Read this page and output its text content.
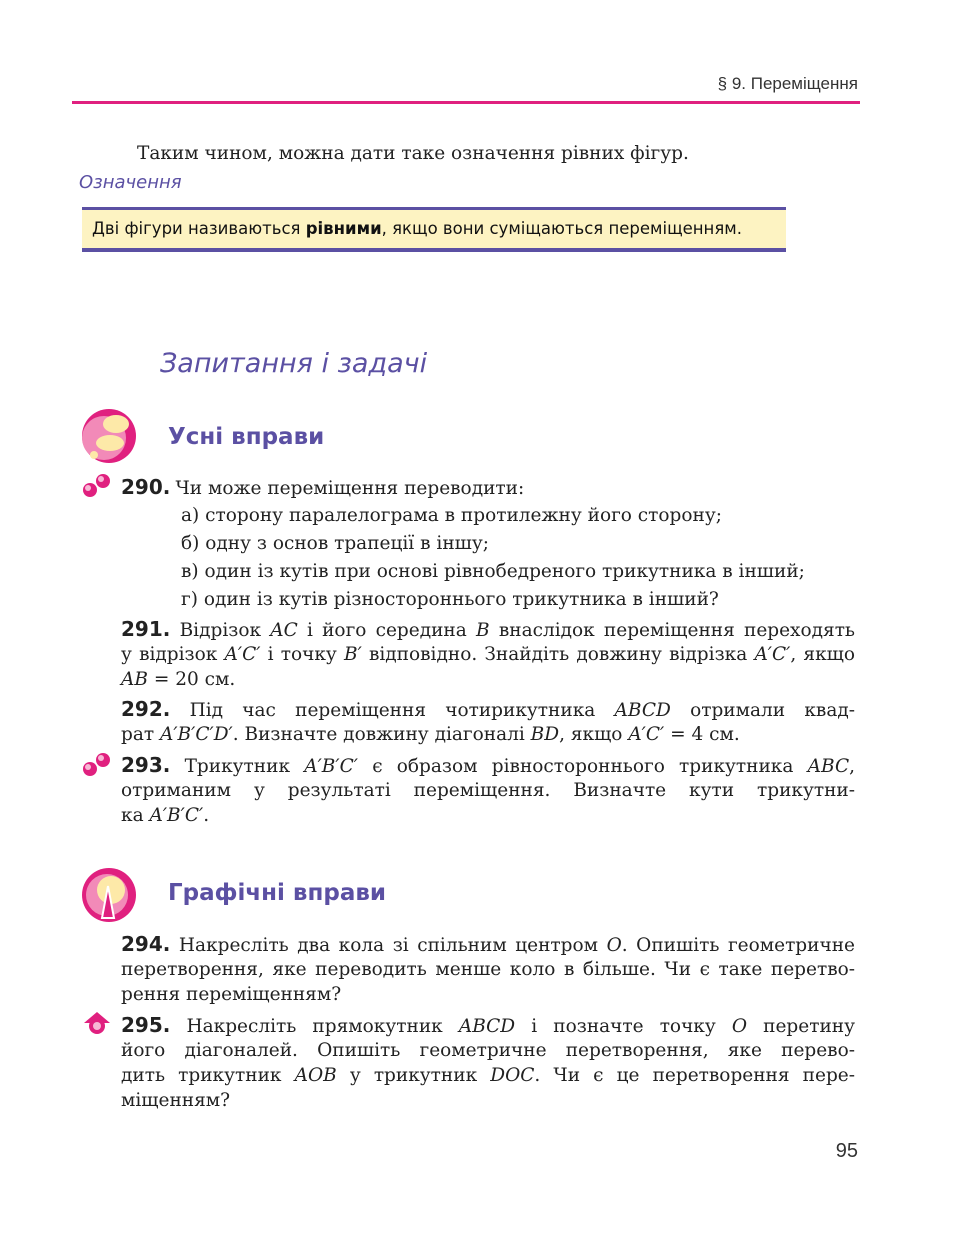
§ 9. Переміщення
Таким чином, можна дати таке означення рівних фігур.
Означення
Дві фігури називаються рівними, якщо вони суміщаються переміщенням.
Запитання і задачі
Усні вправи
290. Чи може переміщення переводити:
а) сторону паралелограма в протилежну його сторону;
б) одну з основ трапеції в іншу;
в) один із кутів при основі рівнобедреного трикутника в інший;
г) один із кутів різностороннього трикутника в інший?
291. Відрізок AC і його середина B внаслідок переміщення переходять
у відрізок A′C′ і точку B′ відповідно. Знайдіть довжину відрізка A′C′, якщо
AB = 20 см.
292. Під час переміщення чотирикутника ABCD отримали квад-
рат A′B′C′D′. Визначте довжину діагоналі BD, якщо A′C′ = 4 см.
293. Трикутник A′B′C′ є образом рівностороннього трикутника ABC,
отриманим у результаті переміщення. Визначте кути трикутни-
ка A′B′C′.
Графічні вправи
294. Накресліть два кола зі спільним центром O. Опишіть геометричне
перетворення, яке переводить менше коло в більше. Чи є таке перетво-
рення переміщенням?
295. Накресліть прямокутник ABCD і позначте точку O перетину
його діагоналей. Опишіть геометричне перетворення, яке перево-
дить трикутник AOB у трикутник DOC. Чи є це перетворення пере-
міщенням?
95
